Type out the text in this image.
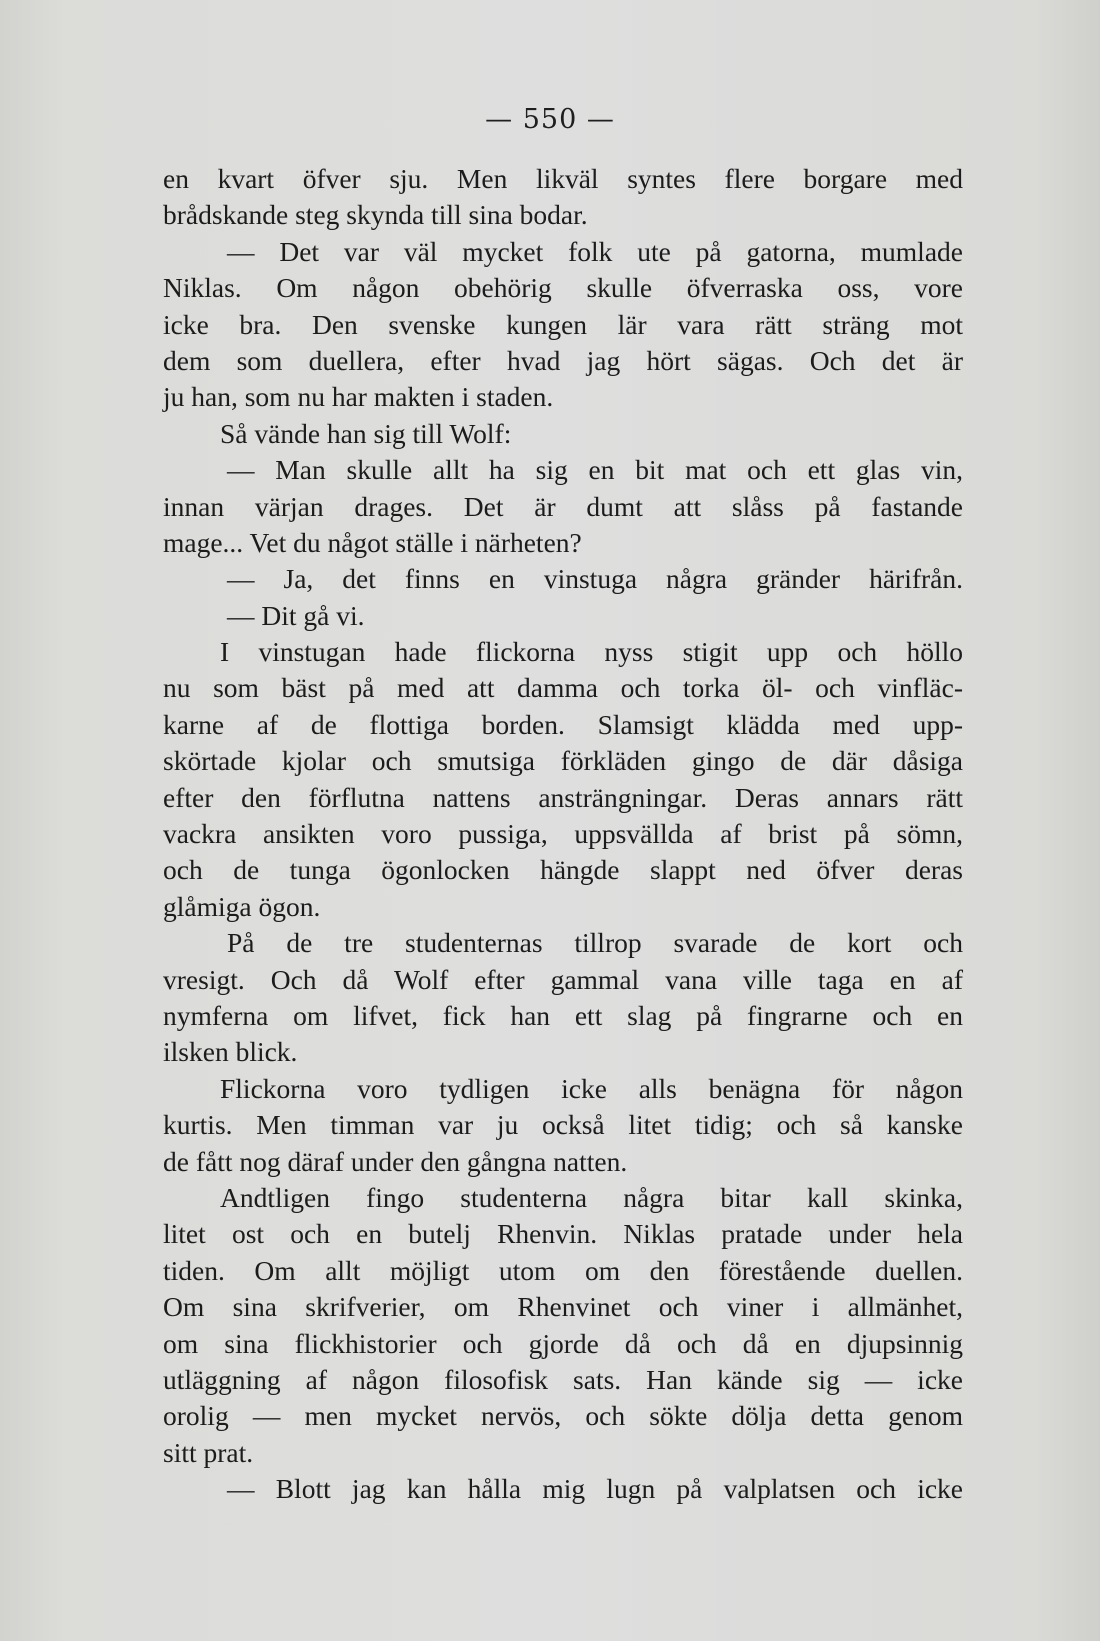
— 550 —
en kvart öfver sju. Men likväl syntes flere borgare med
brådskande steg skynda till sina bodar.
— Det var väl mycket folk ute på gatorna, mumlade
Niklas. Om någon obehörig skulle öfverraska oss, vore
icke bra. Den svenske kungen lär vara rätt sträng mot
dem som duellera, efter hvad jag hört sägas. Och det är
ju han, som nu har makten i staden.
Så vände han sig till Wolf:
— Man skulle allt ha sig en bit mat och ett glas vin,
innan värjan drages. Det är dumt att slåss på fastande
mage... Vet du något ställe i närheten?
— Ja, det finns en vinstuga några gränder härifrån.
— Dit gå vi.
I vinstugan hade flickorna nyss stigit upp och höllo
nu som bäst på med att damma och torka öl- och vinfläc-
karne af de flottiga borden. Slamsigt klädda med upp-
skörtade kjolar och smutsiga förkläden gingo de där dåsiga
efter den förflutna nattens ansträngningar. Deras annars rätt
vackra ansikten voro pussiga, uppsvällda af brist på sömn,
och de tunga ögonlocken hängde slappt ned öfver deras
glåmiga ögon.
På de tre studenternas tillrop svarade de kort och
vresigt. Och då Wolf efter gammal vana ville taga en af
nymferna om lifvet, fick han ett slag på fingrarne och en
ilsken blick.
Flickorna voro tydligen icke alls benägna för någon
kurtis. Men timman var ju också litet tidig; och så kanske
de fått nog däraf under den gångna natten.
Andtligen fingo studenterna några bitar kall skinka,
litet ost och en butelj Rhenvin. Niklas pratade under hela
tiden. Om allt möjligt utom om den förestående duellen.
Om sina skrifverier, om Rhenvinet och viner i allmänhet,
om sina flickhistorier och gjorde då och då en djupsinnig
utläggning af någon filosofisk sats. Han kände sig — icke
orolig — men mycket nervös, och sökte dölja detta genom
sitt prat.
— Blott jag kan hålla mig lugn på valplatsen och icke
